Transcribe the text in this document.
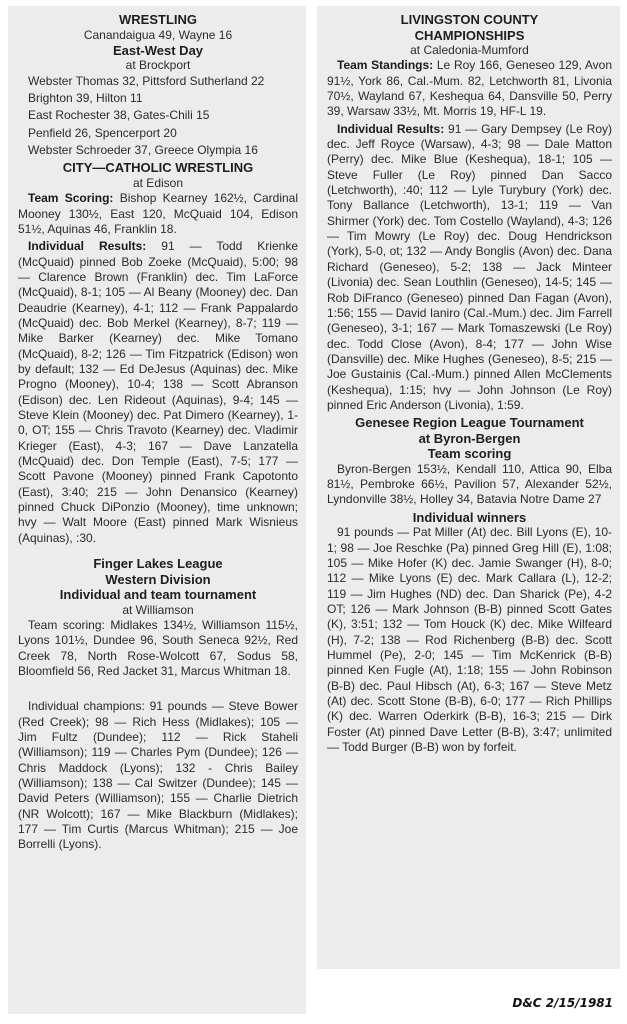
WRESTLING

Canandaigua 49, Wayne 16

East-West Day

at Brockport

Webster Thomas 32, Pittsford Sutherland 22

Brighton 39, Hilton 11

East Rochester 38, Gates-Chili 15

Penfield 26, Spencerport 20

Webster Schroeder 37, Greece Olympia 16

CITY—CATHOLIC WRESTLING

at Edison

Team Scoring: Bishop Kearney 162½, Cardinal Mooney 130½, East 120, McQuaid 104, Edison 51½, Aquinas 46, Franklin 18.

Individual Results: 91 — Todd Krienke (McQuaid) pinned Bob Zoeke (McQuaid), 5:00; 98 — Clarence Brown (Franklin) dec. Tim LaForce (McQuaid), 8-1; 105 — Al Beany (Mooney) dec. Dan Deaudrie (Kearney), 4-1; 112 — Frank Pappalardo (McQuaid) dec. Bob Merkel (Kearney), 8-7; 119 — Mike Barker (Kearney) dec. Mike Tomano (McQuaid), 8-2; 126 — Tim Fitzpatrick (Edison) won by default; 132 — Ed DeJesus (Aquinas) dec. Mike Progno (Mooney), 10-4; 138 — Scott Abranson (Edison) dec. Len Rideout (Aquinas), 9-4; 145 — Steve Klein (Mooney) dec. Pat Dimero (Kearney), 1-0, OT; 155 — Chris Travoto (Kearney) dec. Vladimir Krieger (East), 4-3; 167 — Dave Lanzatella (McQuaid) dec. Don Temple (East), 7-5; 177 — Scott Pavone (Mooney) pinned Frank Capotonto (East), 3:40; 215 — John Denansico (Kearney) pinned Chuck DiPonzio (Mooney), time unknown; hvy — Walt Moore (East) pinned Mark Wisnieus (Aquinas), :30.

Finger Lakes League

Western Division

Individual and team tournament

at Williamson

Team scoring: Midlakes 134½, Williamson 115½, Lyons 101½, Dundee 96, South Seneca 92½, Red Creek 78, North Rose-Wolcott 67, Sodus 58, Bloomfield 56, Red Jacket 31, Marcus Whitman 18.

Individual champions: 91 pounds — Steve Bower (Red Creek); 98 — Rich Hess (Midlakes); 105 — Jim Fultz (Dundee); 112 — Rick Staheli (Williamson); 119 — Charles Pym (Dundee); 126 — Chris Maddock (Lyons); 132 - Chris Bailey (Williamson); 138 — Cal Switzer (Dundee); 145 — David Peters (Williamson); 155 — Charlie Dietrich (NR Wolcott); 167 — Mike Blackburn (Midlakes); 177 — Tim Curtis (Marcus Whitman); 215 — Joe Borrelli (Lyons).

LIVINGSTON COUNTY

CHAMPIONSHIPS

at Caledonia-Mumford

Team Standings: Le Roy 166, Geneseo 129, Avon 91½, York 86, Cal.-Mum. 82, Letchworth 81, Livonia 70½, Wayland 67, Keshequa 64, Dansville 50, Perry 39, Warsaw 33½, Mt. Morris 19, HF-L 19.

Individual Results: 91 — Gary Dempsey (Le Roy) dec. Jeff Royce (Warsaw), 4-3; 98 — Dale Matton (Perry) dec. Mike Blue (Keshequa), 18-1; 105 — Steve Fuller (Le Roy) pinned Dan Sacco (Letchworth), :40; 112 — Lyle Turybury (York) dec. Tony Ballance (Letchworth), 13-1; 119 — Van Shirmer (York) dec. Tom Costello (Wayland), 4-3; 126 — Tim Mowry (Le Roy) dec. Doug Hendrickson (York), 5-0, ot; 132 — Andy Bonglis (Avon) dec. Dana Richard (Geneseo), 5-2; 138 — Jack Minteer (Livonia) dec. Sean Louthlin (Geneseo), 14-5; 145 — Rob DiFranco (Geneseo) pinned Dan Fagan (Avon), 1:56; 155 — David Ianiro (Cal.-Mum.) dec. Jim Farrell (Geneseo), 3-1; 167 — Mark Tomaszewski (Le Roy) dec. Todd Close (Avon), 8-4; 177 — John Wise (Dansville) dec. Mike Hughes (Geneseo), 8-5; 215 — Joe Gustainis (Cal.-Mum.) pinned Allen McClements (Keshequa), 1:15; hvy — John Johnson (Le Roy) pinned Eric Anderson (Livonia), 1:59.

Genesee Region League Tournament

at Byron-Bergen

Team scoring

Byron-Bergen 153½, Kendall 110, Attica 90, Elba 81½, Pembroke 66½, Pavilion 57, Alexander 52½, Lyndonville 38½, Holley 34, Batavia Notre Dame 27

Individual winners

91 pounds — Pat Miller (At) dec. Bill Lyons (E), 10-1; 98 — Joe Reschke (Pa) pinned Greg Hill (E), 1:08; 105 — Mike Hofer (K) dec. Jamie Swanger (H), 8-0; 112 — Mike Lyons (E) dec. Mark Callara (L), 12-2; 119 — Jim Hughes (ND) dec. Dan Sharick (Pe), 4-2 OT; 126 — Mark Johnson (B-B) pinned Scott Gates (K), 3:51; 132 — Tom Houck (K) dec. Mike Wilfeard (H), 7-2; 138 — Rod Richenberg (B-B) dec. Scott Hummel (Pe), 2-0; 145 — Tim McKenrick (B-B) pinned Ken Fugle (At), 1:18; 155 — John Robinson (B-B) dec. Paul Hibsch (At), 6-3; 167 — Steve Metz (At) dec. Scott Stone (B-B), 6-0; 177 — Rich Phillips (K) dec. Warren Oderkirk (B-B), 16-3; 215 — Dirk Foster (At) pinned Dave Letter (B-B), 3:47; unlimited — Todd Burger (B-B) won by forfeit.

D&C 2/15/1981
